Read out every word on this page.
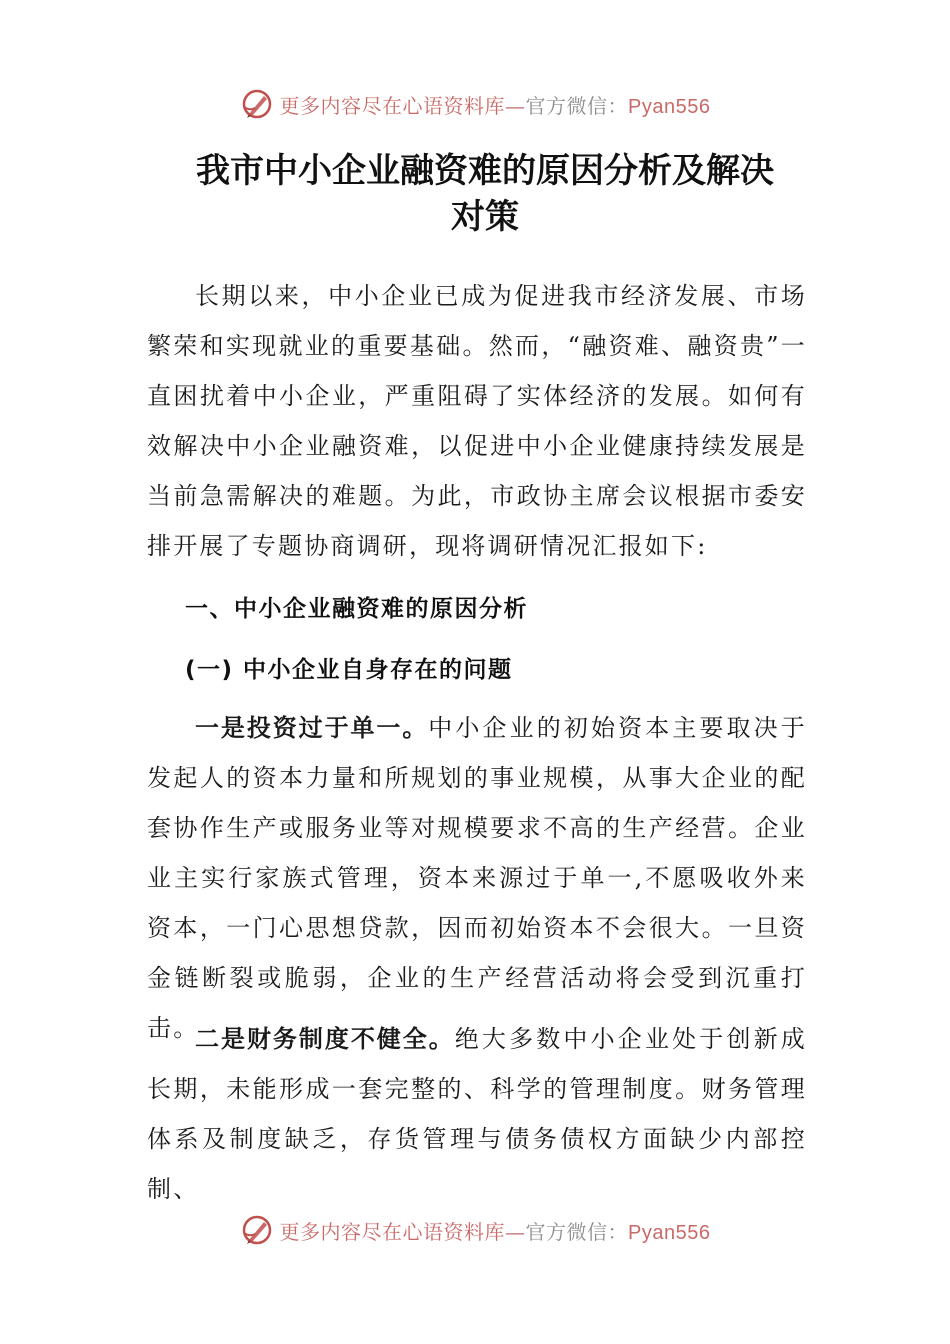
更多内容尽在心语资料库—官方微信：Pyan556
我市中小企业融资难的原因分析及解决
对策

长期以来，中小企业已成为促进我市经济发展、市场繁荣和实现就业的重要基础。然而，“融资难、融资贵”一直困扰着中小企业，严重阻碍了实体经济的发展。如何有效解决中小企业融资难，以促进中小企业健康持续发展是当前急需解决的难题。为此，市政协主席会议根据市委安排开展了专题协商调研，现将调研情况汇报如下:

一、中小企业融资难的原因分析
(一) 中小企业自身存在的问题

一是投资过于单一。中小企业的初始资本主要取决于发起人的资本力量和所规划的事业规模，从事大企业的配套协作生产或服务业等对规模要求不高的生产经营。企业业主实行家族式管理，资本来源过于单一,不愿吸收外来资本，一门心思想贷款，因而初始资本不会很大。一旦资金链断裂或脆弱，企业的生产经营活动将会受到沉重打击。

二是财务制度不健全。绝大多数中小企业处于创新成长期，未能形成一套完整的、科学的管理制度。财务管理体系及制度缺乏，存货管理与债务债权方面缺少内部控制、

更多内容尽在心语资料库—官方微信：Pyan556
